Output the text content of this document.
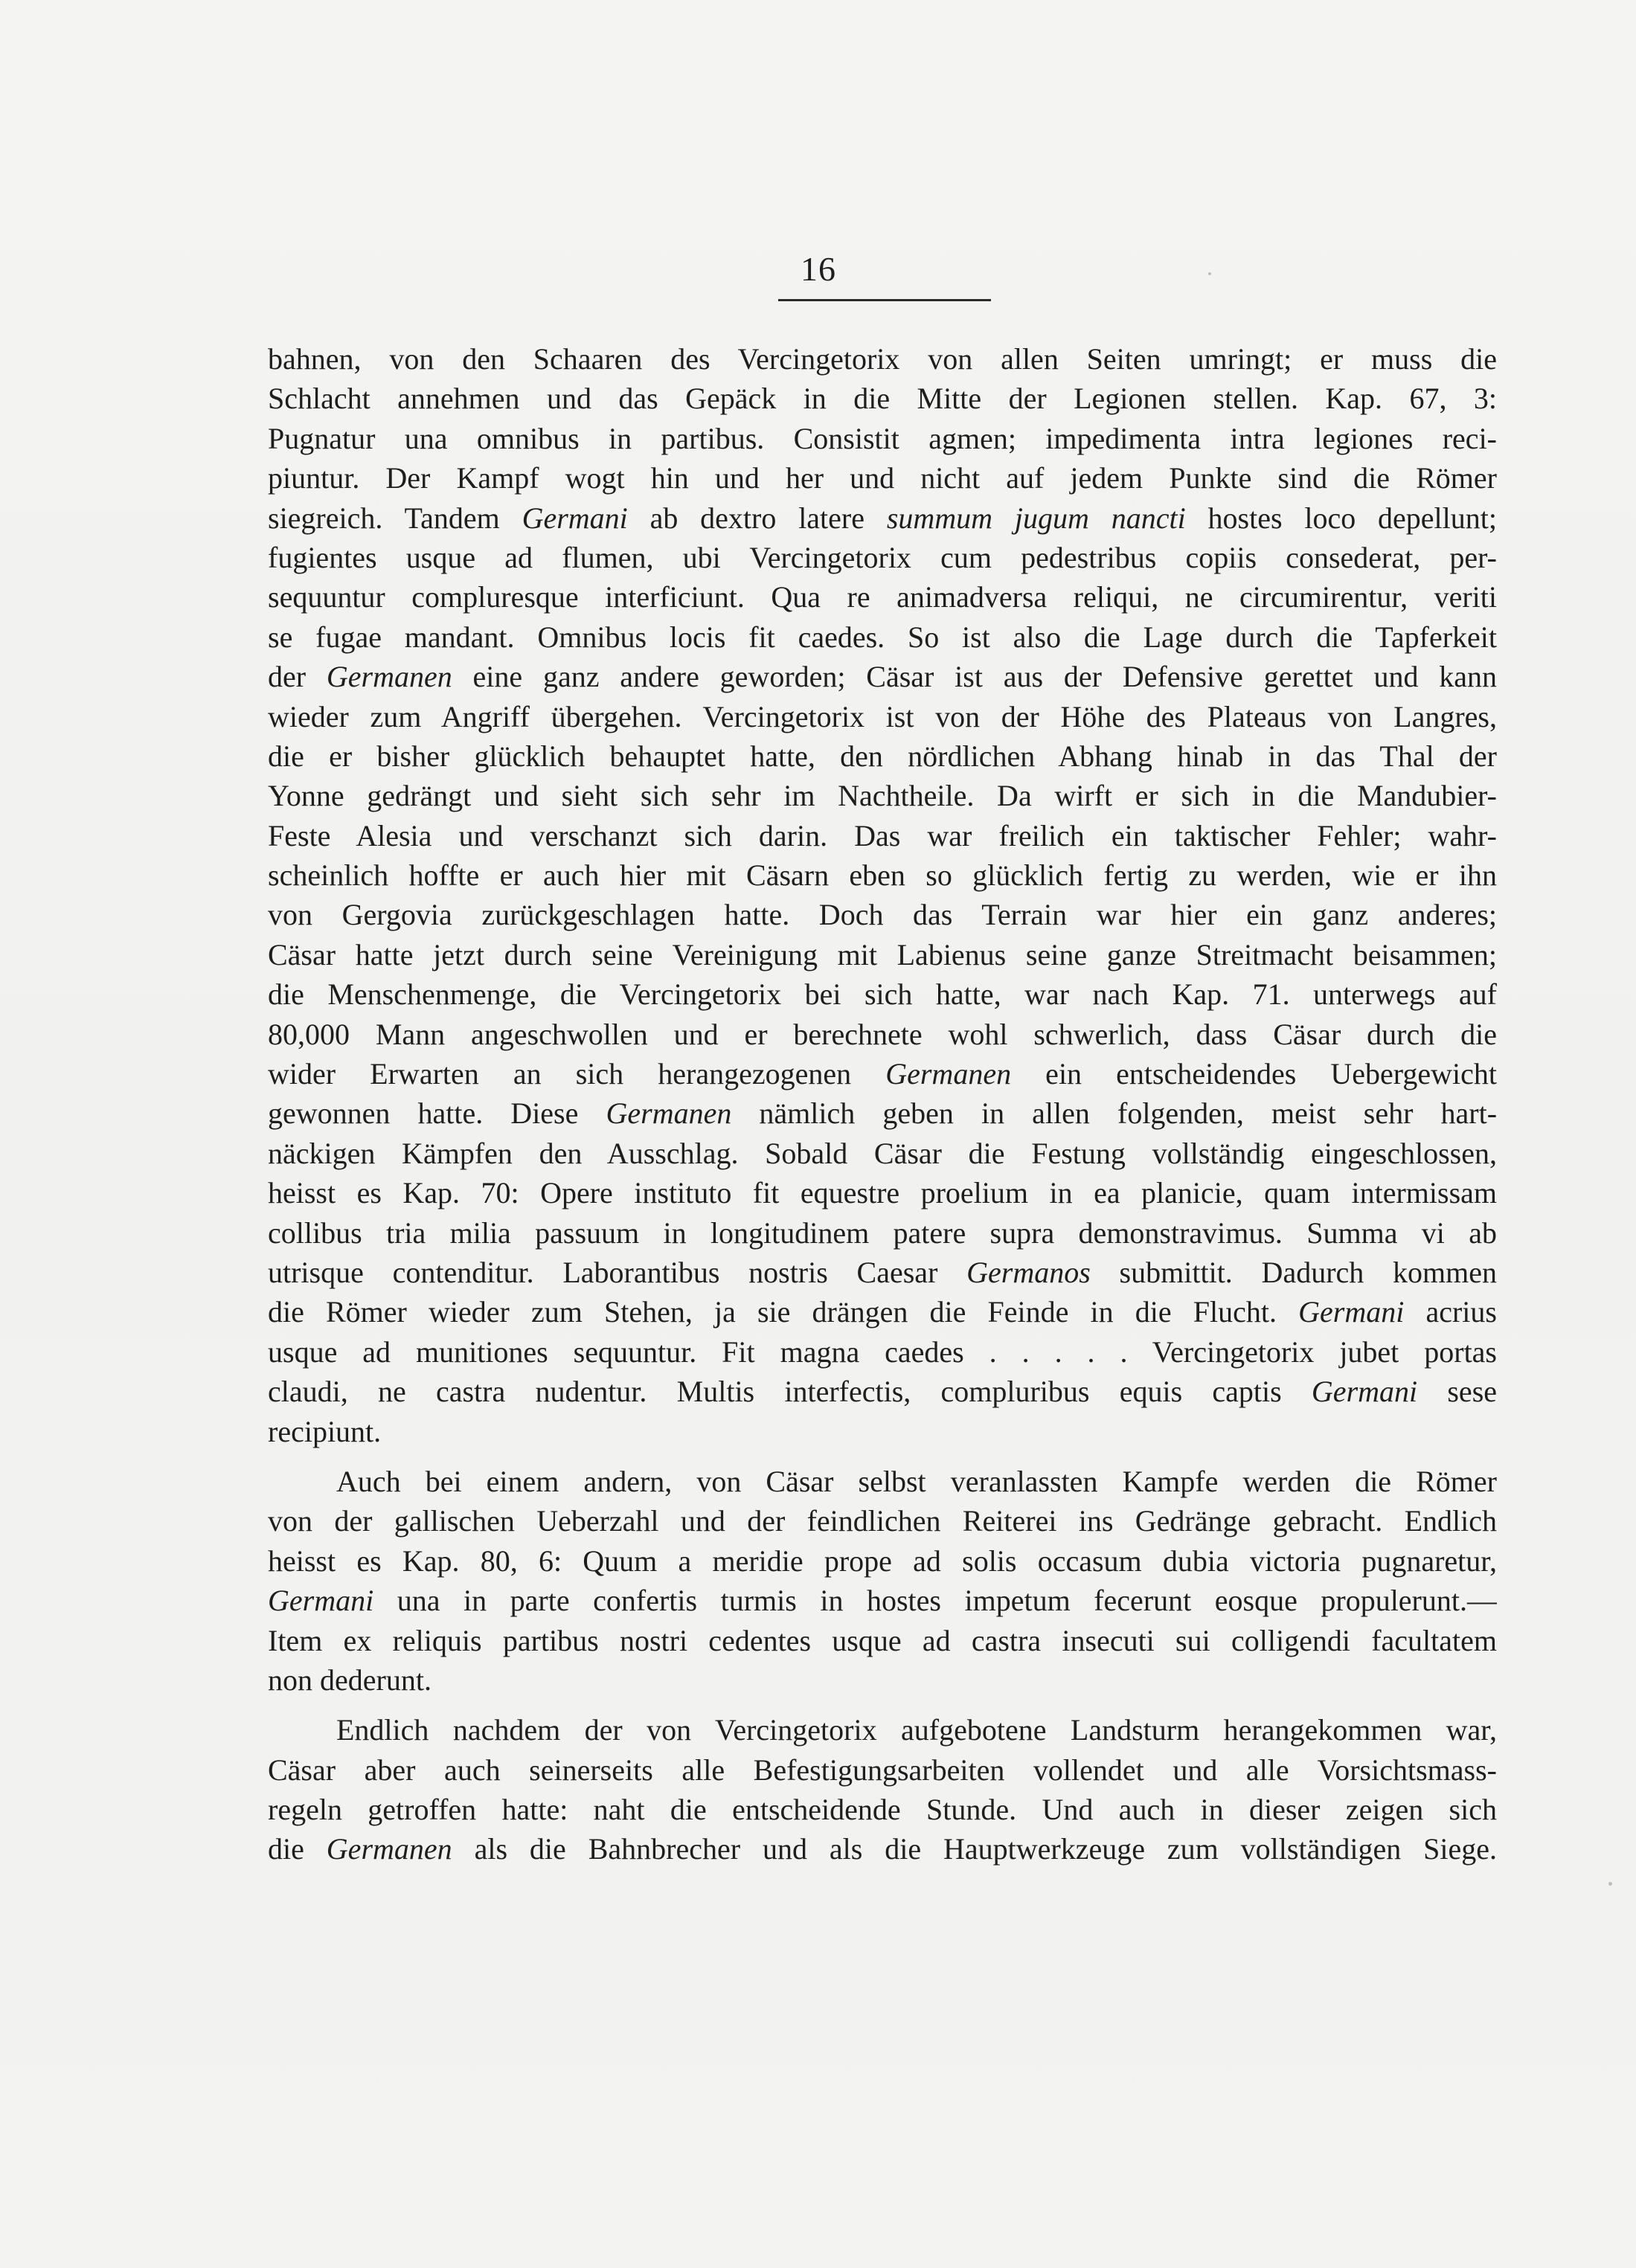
16
bahnen, von den Schaaren des Vercingetorix von allen Seiten umringt; er muss die
Schlacht annehmen und das Gepäck in die Mitte der Legionen stellen. Kap. 67, 3:
Pugnatur una omnibus in partibus. Consistit agmen; impedimenta intra legiones reci-
piuntur. Der Kampf wogt hin und her und nicht auf jedem Punkte sind die Römer
siegreich. Tandem Germani ab dextro latere summum jugum nancti hostes loco depellunt;
fugientes usque ad flumen, ubi Vercingetorix cum pedestribus copiis consederat, per-
sequuntur compluresque interficiunt. Qua re animadversa reliqui, ne circumirentur, veriti
se fugae mandant. Omnibus locis fit caedes. So ist also die Lage durch die Tapferkeit
der Germanen eine ganz andere geworden; Cäsar ist aus der Defensive gerettet und kann
wieder zum Angriff übergehen. Vercingetorix ist von der Höhe des Plateaus von Langres,
die er bisher glücklich behauptet hatte, den nördlichen Abhang hinab in das Thal der
Yonne gedrängt und sieht sich sehr im Nachtheile. Da wirft er sich in die Mandubier-
Feste Alesia und verschanzt sich darin. Das war freilich ein taktischer Fehler; wahr-
scheinlich hoffte er auch hier mit Cäsarn eben so glücklich fertig zu werden, wie er ihn
von Gergovia zurückgeschlagen hatte. Doch das Terrain war hier ein ganz anderes;
Cäsar hatte jetzt durch seine Vereinigung mit Labienus seine ganze Streitmacht beisammen;
die Menschenmenge, die Vercingetorix bei sich hatte, war nach Kap. 71. unterwegs auf
80,000 Mann angeschwollen und er berechnete wohl schwerlich, dass Cäsar durch die
wider Erwarten an sich herangezogenen Germanen ein entscheidendes Uebergewicht
gewonnen hatte. Diese Germanen nämlich geben in allen folgenden, meist sehr hart-
näckigen Kämpfen den Ausschlag. Sobald Cäsar die Festung vollständig eingeschlossen,
heisst es Kap. 70: Opere instituto fit equestre proelium in ea planicie, quam intermissam
collibus tria milia passuum in longitudinem patere supra demonstravimus. Summa vi ab
utrisque contenditur. Laborantibus nostris Caesar Germanos submittit. Dadurch kommen
die Römer wieder zum Stehen, ja sie drängen die Feinde in die Flucht. Germani acrius
usque ad munitiones sequuntur. Fit magna caedes . . . . . Vercingetorix jubet portas
claudi, ne castra nudentur. Multis interfectis, compluribus equis captis Germani sese
recipiunt.
Auch bei einem andern, von Cäsar selbst veranlassten Kampfe werden die Römer
von der gallischen Ueberzahl und der feindlichen Reiterei ins Gedränge gebracht. Endlich
heisst es Kap. 80, 6: Quum a meridie prope ad solis occasum dubia victoria pugnaretur,
Germani una in parte confertis turmis in hostes impetum fecerunt eosque propulerunt.—
Item ex reliquis partibus nostri cedentes usque ad castra insecuti sui colligendi facultatem
non dederunt.
Endlich nachdem der von Vercingetorix aufgebotene Landsturm herangekommen war,
Cäsar aber auch seinerseits alle Befestigungsarbeiten vollendet und alle Vorsichtsmass-
regeln getroffen hatte: naht die entscheidende Stunde. Und auch in dieser zeigen sich
die Germanen als die Bahnbrecher und als die Hauptwerkzeuge zum vollständigen Siege.
